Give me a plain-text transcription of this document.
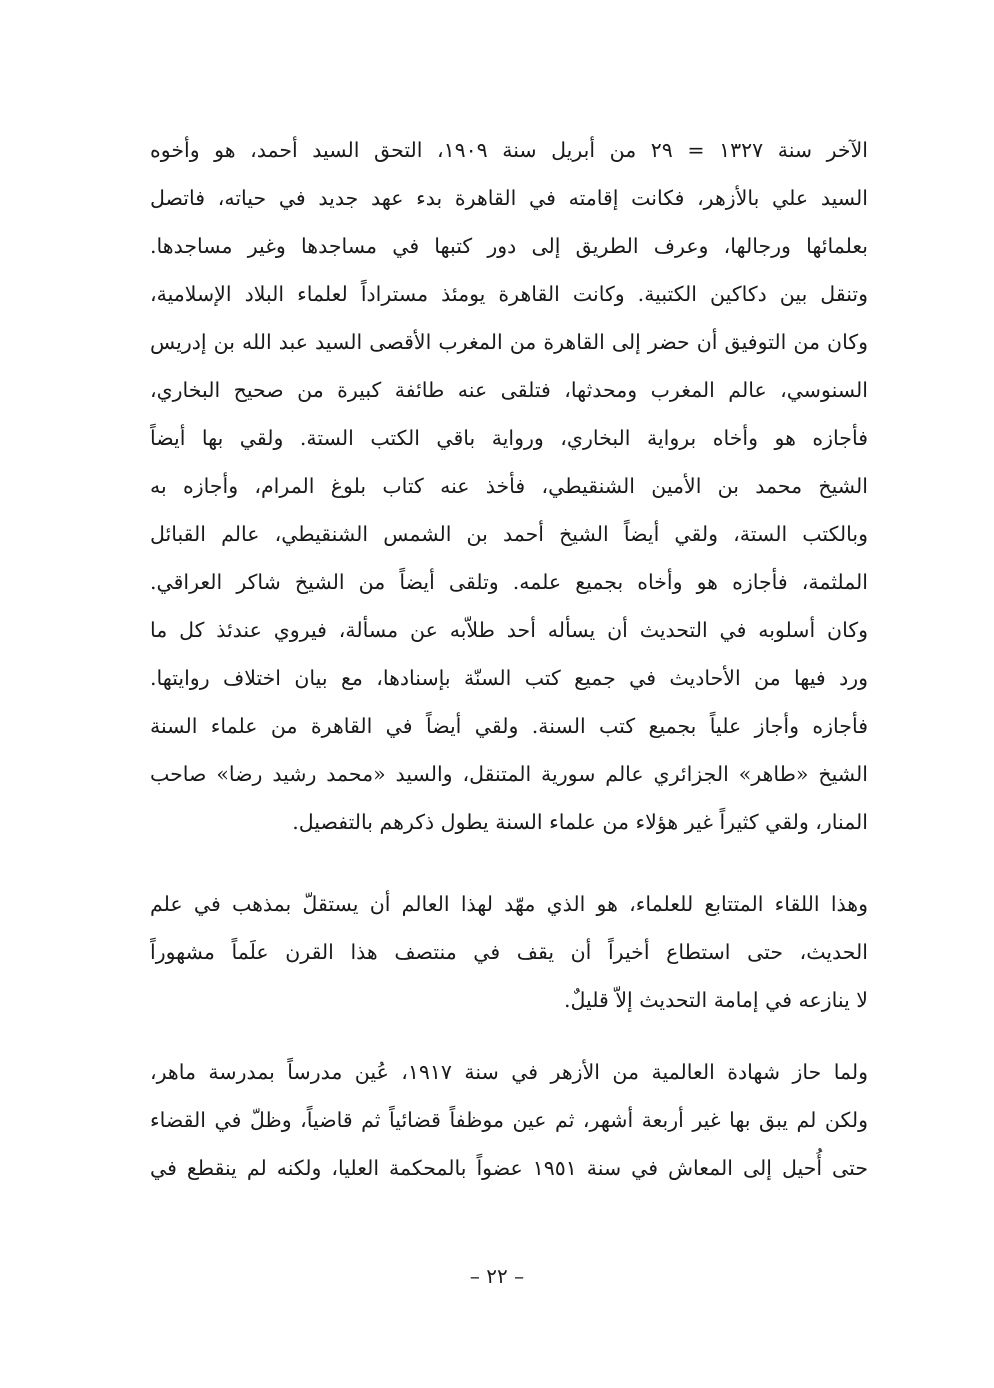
الآخر سنة ١٣٢٧ = ٢٩ من أبريل سنة ١٩٠٩، التحق السيد أحمد، هو وأخوه
السيد علي بالأزهر، فكانت إقامته في القاهرة بدء عهد جديد في حياته، فاتصل
بعلمائها ورجالها، وعرف الطريق إلى دور كتبها في مساجدها وغير مساجدها.
وتنقل بين دكاكين الكتبية. وكانت القاهرة يومئذ مستراداً لعلماء البلاد الإسلامية،
وكان من التوفيق أن حضر إلى القاهرة من المغرب الأقصى السيد عبد الله بن إدريس
السنوسي، عالم المغرب ومحدثها، فتلقى عنه طائفة كبيرة من صحيح البخاري،
فأجازه هو وأخاه برواية البخاري، ورواية باقي الكتب الستة. ولقي بها أيضاً
الشيخ محمد بن الأمين الشنقيطي، فأخذ عنه كتاب بلوغ المرام، وأجازه به
وبالكتب الستة، ولقي أيضاً الشيخ أحمد بن الشمس الشنقيطي، عالم القبائل
الملثمة، فأجازه هو وأخاه بجميع علمه. وتلقى أيضاً من الشيخ شاكر العراقي.
وكان أسلوبه في التحديث أن يسأله أحد طلاّبه عن مسألة، فيروي عندئذ كل ما
ورد فيها من الأحاديث في جميع كتب السنّة بإسنادها، مع بيان اختلاف روايتها.
فأجازه وأجاز علياً بجميع كتب السنة. ولقي أيضاً في القاهرة من علماء السنة
الشيخ «طاهر» الجزائري عالم سورية المتنقل، والسيد «محمد رشيد رضا» صاحب
المنار، ولقي كثيراً غير هؤلاء من علماء السنة يطول ذكرهم بالتفصيل.
وهذا اللقاء المتتابع للعلماء، هو الذي مهّد لهذا العالم أن يستقلّ بمذهب في علم
الحديث، حتى استطاع أخيراً أن يقف في منتصف هذا القرن علَماً مشهوراً
لا ينازعه في إمامة التحديث إلاّ قليلٌ.
ولما حاز شهادة العالمية من الأزهر في سنة ١٩١٧، عُين مدرساً بمدرسة ماهر،
ولكن لم يبق بها غير أربعة أشهر، ثم عين موظفاً قضائياً ثم قاضياً، وظلّ في القضاء
حتى أُحيل إلى المعاش في سنة ١٩٥١ عضواً بالمحكمة العليا، ولكنه لم ينقطع في
– ٢٢ –
